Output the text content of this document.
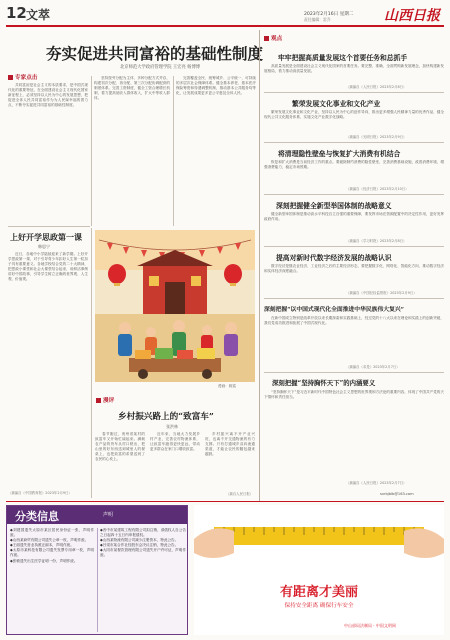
12 文萃	2023年2月16日 星期二
责任编辑：雷乔	山西日报
夯实促进共同富裕的基础性制度
北京师范大学政府管理学院 王宏亮 杨博博
专家点击

共同富裕是社会主义的本质要求，是中国式现代化的重要特征。在全面建设社会主义现代化国家新征程上，必须坚持以人民为中心的发展思想，把促进全体人民共同富裕作为为人民谋幸福的着力点，不断夯实促进共同富裕的基础性制度。

坚持按劳分配为主体、多种分配方式并存，构建初次分配、再分配、第三次分配协调配套的制度体系。完善工资制度，健全工资合理增长机制，着力提高低收入群体收入，扩大中等收入群体。

完善覆盖全民、统筹城乡、公平统一、可持续的多层次社会保障体系。健全基本养老、基本医疗保险筹资和待遇调整机制，推动基本公共服务均等化，让发展成果更多更公平惠及全体人民。

上好开学思政第一课
韩思宁

近日，各地中小学陆续迎来了新学期。上好开学思政第一课，对于引导青少年扣好人生第一粒扣子具有重要意义。各地学校结合党的二十大精神，把思政小课堂和社会大课堂结合起来，用鲜活事例讲好中国故事，引导学生树立正确的世界观、人生观、价值观。

（摘编自《中国教育报》2023年2月9日）
漫画：姚铭
漫评
乡村振兴路上的“致富车”
张洪林

春节刚过，贵州省某村的致富车又开始忙碌起来。满载农产品的货车从村口驶出，把山里的好东西送到城里人的餐桌上，也把致富的希望送到了农民的心坎上。

近年来，当地大力发展乡村产业，完善农村物流体系，让致富车跑得更快更远，带动更多群众在家门口增收致富。

乡村振兴离不开产业兴旺，也离不开交通物流的有力支撑。只有打通城乡双向流通渠道，才能让农民的腰包越来越鼓。

（摘自人民日报）
观点
牢牢把握高质量发展这个首要任务和总抓手

高质量发展是全面建设社会主义现代化国家的首要任务。要完整、准确、全面贯彻新发展理念，加快构建新发展格局，着力推动高质量发展。

（摘编自《人民日报》2023年2月8日）
繁荣发展文化事业和文化产业

繁荣发展文化事业和文化产业，坚持以人民为中心的创作导向，推出更多增强人民精神力量的优秀作品，健全现代公共文化服务体系，实施文化产业数字化战略。

（摘编自《光明日报》2023年2月9日）
将清理隐性壁垒与恢复扩大消费有机结合

恢复和扩大消费是当前经济工作的重点。要破除制约消费的隐性壁垒，完善消费基础设施，改善消费环境，增强消费能力，稳定市场预期。

（摘编自《经济日报》2023年2月10日）
深刻把握健全新型举国体制的战略意义

健全新型举国体制是推动高水平科技自立自强的重要保障，要发挥市场在资源配置中的决定性作用，更好发挥政府作用。

（摘编自《学习时报》2023年2月8日）
提高对新时代数字经济发展的战略认识

数字经济是继农业经济、工业经济之后的主要经济形态，要把握数字化、网络化、智能化方向，推动数字经济和实体经济深度融合。

（摘编自《中国纪检监察报》2023年2月9日）
深刻把握“以中国式现代化全面推进中华民族伟大复兴”

在新中国成立特别是改革开放以来长期探索和实践基础上，经过党的十八大以来在理论和实践上的创新突破，我们党成功推进和拓展了中国式现代化。

（摘编自《求是》2023年2月7日）
深刻把握“坚持胸怀天下”的内涵要义

“坚持胸怀天下”是习近平新时代中国特色社会主义思想的世界观和方法论的重要内容，体现了中国共产党的天下情怀和责任担当。

（摘编自《人民日报》2023年2月7日）
sxrbjblb@163.com
分类信息	声明
◆刘建国遗失太原市某区居民身份证一张，声明作废。
◆山西某商贸有限公司遗失公章一枚，声明作废。
◆王丽遗失营业执照正副本，声明作废。
◆太原市某科技有限公司遗失发票专用章一枚，声明作废。
◆张敏遗失出生医学证明一份，声明作废。
◆晋中市某建筑工程有限公司拟注销，请债权人自公告之日起四十五日内申报债权。
◆山西某物流有限公司减少注册资本，特此公告。
◆吕梁市某合作社经股东会决议注销，特此公告。
◆大同市某餐饮管理有限公司遗失开户许可证，声明作废。
有距离才美丽
保持安全距离 确保行车安全
中山部局法制局 · 中国文明网
